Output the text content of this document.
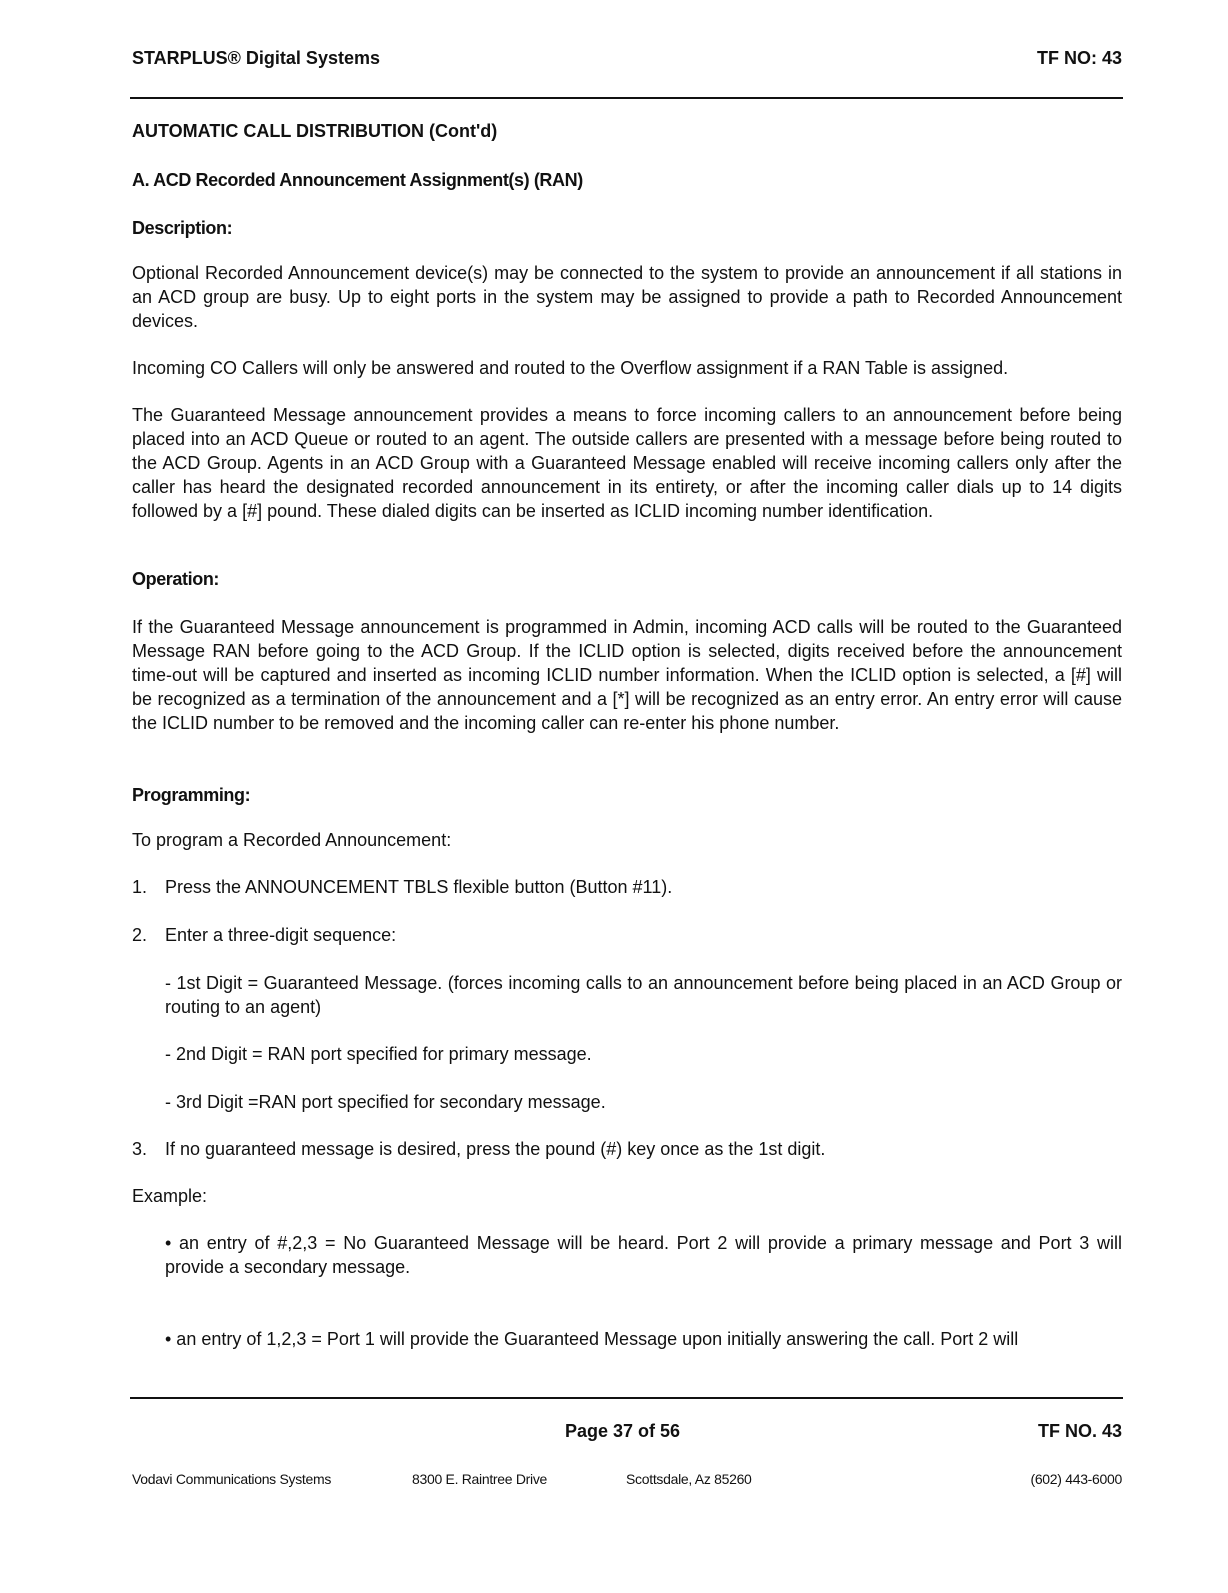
STARPLUS® Digital Systems	TF NO: 43
AUTOMATIC CALL DISTRIBUTION (Cont'd)
A. ACD Recorded Announcement Assignment(s) (RAN)
Description:
Optional Recorded Announcement device(s) may be connected to the system to provide an announcement if all stations in an ACD group are busy. Up to eight ports in the system may be assigned to provide a path to Recorded Announcement devices.
Incoming CO Callers will only be answered and routed to the Overflow assignment if a RAN Table is assigned.
The Guaranteed Message announcement provides a means to force incoming callers to an announcement before being placed into an ACD Queue or routed to an agent. The outside callers are presented with a message before being routed to the ACD Group. Agents in an ACD Group with a Guaranteed Message enabled will receive incoming callers only after the caller has heard the designated recorded announcement in its entirety, or after the incoming caller dials up to 14 digits followed by a [#] pound. These dialed digits can be inserted as ICLID incoming number identification.
Operation:
If the Guaranteed Message announcement is programmed in Admin, incoming ACD calls will be routed to the Guaranteed Message RAN before going to the ACD Group. If the ICLID option is selected, digits received before the announcement time-out will be captured and inserted as incoming ICLID number information. When the ICLID option is selected, a [#] will be recognized as a termination of the announcement and a [*] will be recognized as an entry error. An entry error will cause the ICLID number to be removed and the incoming caller can re-enter his phone number.
Programming:
To program a Recorded Announcement:
1. Press the ANNOUNCEMENT TBLS flexible button (Button #11).
2. Enter a three-digit sequence:
- 1st Digit = Guaranteed Message. (forces incoming calls to an announcement before being placed in an ACD Group or routing to an agent)
- 2nd Digit = RAN port specified for primary message.
- 3rd Digit =RAN port specified for secondary message.
3. If no guaranteed message is desired, press the pound (#) key once as the 1st digit.
Example:
• an entry of #,2,3 = No Guaranteed Message will be heard. Port 2 will provide a primary message and Port 3 will provide a secondary message.
• an entry of 1,2,3 = Port 1 will provide the Guaranteed Message upon initially answering the call. Port 2 will
Page 37 of 56	TF NO. 43
Vodavi Communications Systems	8300 E. Raintree Drive	Scottsdale, Az 85260	(602) 443-6000
